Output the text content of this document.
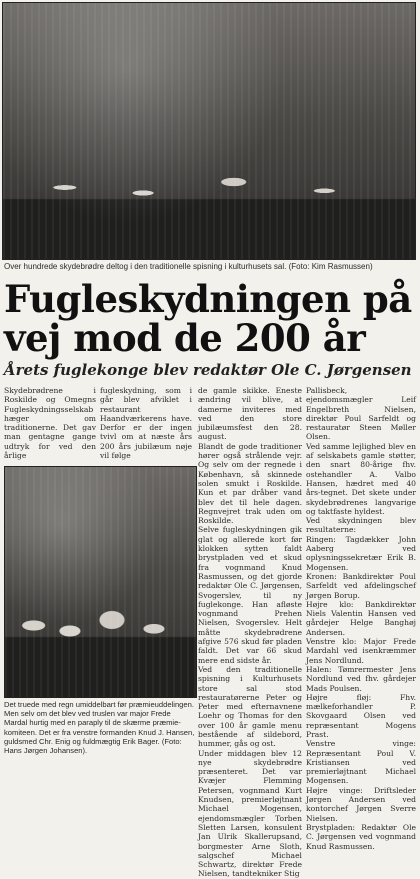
Over hundrede skydebrødre deltog i den traditionelle spisning i kulturhusets sal. (Foto: Kim Rasmussen)
Fugleskydningen på vej mod de 200 år
Årets fuglekonge blev redaktør Ole C. Jørgensen
Skydebrødrene i Roskilde og Omegns Fugleskydningsselskab hæger om traditionerne. Det gav man gentagne gange udtryk for ved den årlige
fugleskydning, som i går blev afviklet i restaurant Haandværkerens have. Derfor er der ingen tvivl om at næste års 200 års jubilæum nøje vil følge
Det truede med regn umiddelbart før præmieuddelingen. Men selv om det blev ved truslen var major Frede Mardal hurtig med en paraply til de skærme præmie-komiteen. Det er fra venstre formanden Knud J. Hansen, guldsmed Chr. Enig og fuldmægtig Erik Bager. (Foto: Hans Jørgen Johansen).
de gamle skikke. Eneste ændring vil blive, at damerne inviteres med ved den store jubilæumsfest den 28. august.
Blandt de gode traditioner hører også strålende vejr. Og selv om der regnede i København, så skinnede solen smukt i Roskilde. Kun et par dråber vand blev det til hele dagen. Regnvejret trak uden om Roskilde.
Selve fugleskydningen gik glat og allerede kort før klokken sytten faldt brystpladen ved et skud fra vognmand Knud Rasmussen, og det gjorde redaktør Ole C. Jørgensen, Svogerslev, til ny fuglekonge. Han afløste vognmand Prehen Nielsen, Svogerslev. Helt måtte skydebrødrene afgive 576 skud før pladen faldt. Det var 66 skud mere end sidste år.
Ved den traditionelle spisning i Kulturhusets store sal stod restauratørerne Peter og Peter med efternavnene Loehr og Thomas for den over 100 år gamle menu bestående af sildebord, hummer, gås og ost.
Under middagen blev 12 nye skydebrødre præsenteret. Det var Kvæjer Flemming Petersen, vognmand Kurt Knudsen, premierløjtnant Michael Mogensen, ejendomsmægler Torben Sletten Larsen, konsulent Jan Ulrik Skallerupsand, borgmester Arne Sloth, salgschef Michael Schwartz, direktør Frede Nielsen, tandtekniker Stig
Pallisbeck, ejendomsmægler Leif Engelbreth Nielsen, direktør Poul Sarfeldt og restauratør Steen Møller Olsen.
Ved samme lejlighed blev en af selskabets gamle støtter, den snart 80-årige fhv. ostehandler A. Valbo Hansen, hædret med 40 års-tegnet. Det skete under skydebrødrenes langvarige og taktfaste hyldest.
Ved skydningen blev resultaterne:
Ringen: Tagdækker John Aaberg ved oplysningssekretær Erik B. Mogensen.
Kronen: Bankdirektør Poul Sarfeldt ved afdelingschef Jørgen Borup.
Højre klo: Bankdirektør Niels Valentin Hansen ved gårdejer Helge Banghøj Andersen.
Venstre klo: Major Frede Mardahl ved isenkræmmer Jens Nordlund.
Halen: Tømrermester Jens Nordlund ved fhv. gårdejer Mads Poulsen.
Højre fløj: Fhv. mælkeforhandler P. Skovgaard Olsen ved repræsentant Mogens Prast.
Venstre vinge: Repræsentant Poul V. Kristiansen ved premierløjtnant Michael Mogensen.
Højre vinge: Driftsleder Jørgen Andersen ved kontorchef Jørgen Sverre Nielsen.
Brystpladen: Redaktør Ole C. Jørgensen ved vognmand Knud Rasmussen.
